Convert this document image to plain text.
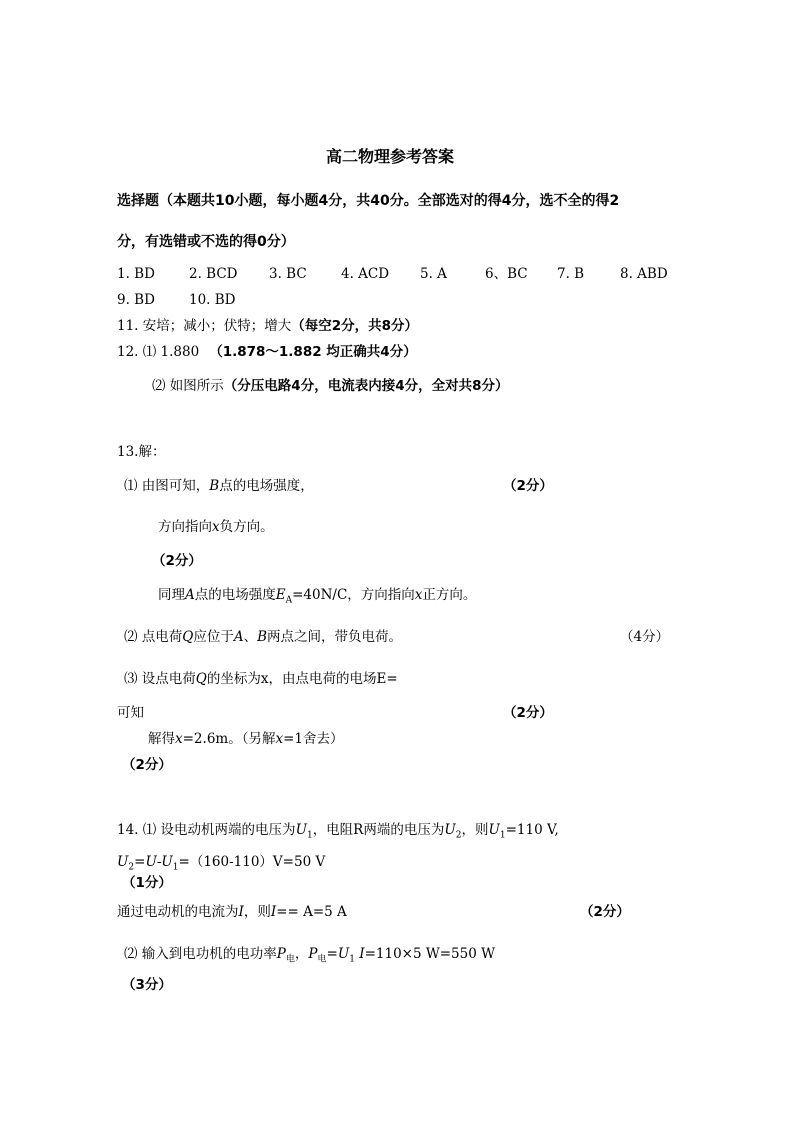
高二物理参考答案
选择题（本题共10小题，每小题4分，共40分。全部选对的得4分，选不全的得2
分，有选错或不选的得0分）
1. BD	2. BCD 3. BC	4. ACD 5. A	6、BC 7. B	8. ABD
9. BD	10. BD
11. 安培；减小；伏特；增大（每空2分，共8分）
12. ⑴ 1.880 （1.878～1.882 均正确共4分）
⑵ 如图所示（分压电路4分，电流表内接4分，全对共8分）
13.解：
⑴ 由图可知，B点的电场强度，	（2分）
方向指向x负方向。
（2分）
同理A点的电场强度$E_A=40N/C$，方向指向x正方向。
⑵ 点电荷Q应位于A、B两点之间，带负电荷。	（4分）
⑶ 设点电荷Q的坐标为x，由点电荷的电场E=
可知	（2分）
解得x=2.6m。（另解x=1舍去）
（2分）
14. ⑴ 设电动机两端的电压为$U_1$，电阻R两端的电压为$U_2$，则$U_1=110$ V,
$U_2=U-U_1=(160-110)V=50$ V
（1分）
通过电动机的电流为I，则I== A=5 A	（2分）
⑵ 输入到电功机的电功率$P_电$，$P_电=U_1$ I=110×5 W=550 W
（3分）
